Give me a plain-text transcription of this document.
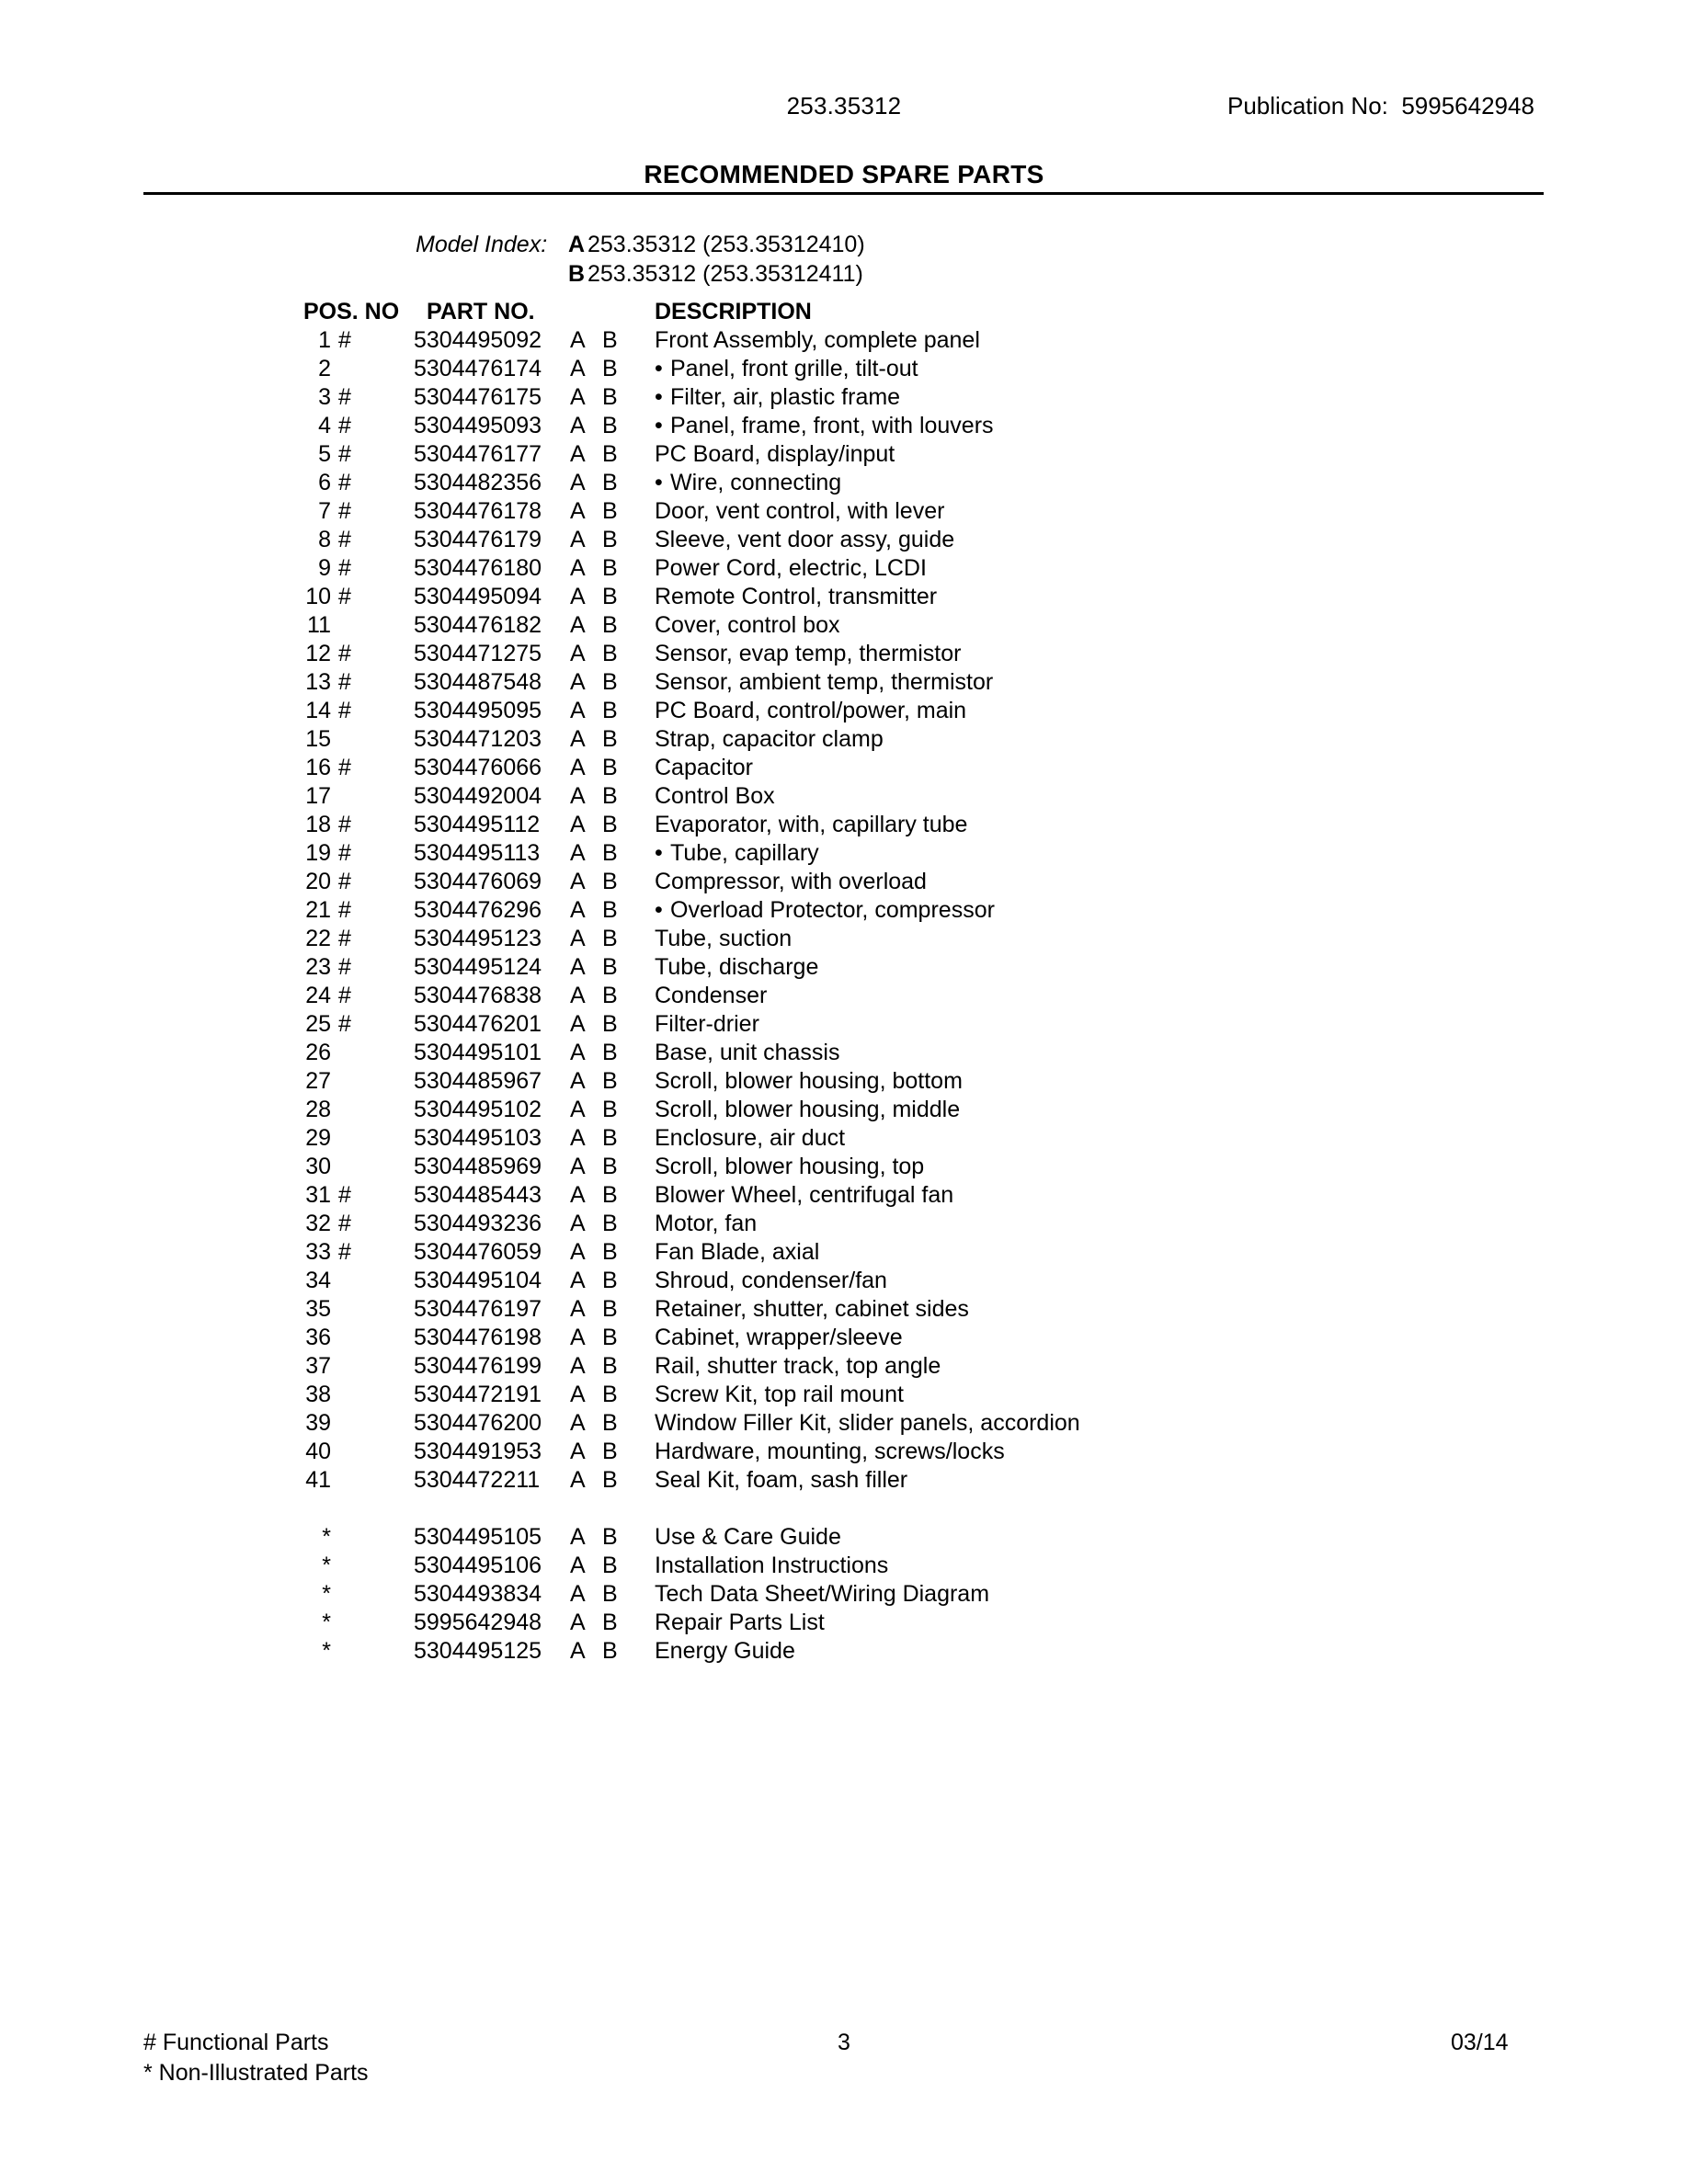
253.35312	Publication No:  5995642948
RECOMMENDED SPARE PARTS
Model Index: A 253.35312 (253.35312410)
B 253.35312 (253.35312411)
POS. NO PART NO.	DESCRIPTION
1 #	5304495092 A B Front Assembly, complete panel
2	5304476174 A B • Panel, front grille, tilt-out
3 #	5304476175 A B • Filter, air, plastic frame
4 #	5304495093 A B • Panel, frame, front, with louvers
5 #	5304476177 A B PC Board, display/input
6 #	5304482356 A B • Wire, connecting
7 #	5304476178 A B Door, vent control, with lever
8 #	5304476179 A B Sleeve, vent door assy, guide
9 #	5304476180 A B Power Cord, electric, LCDI
10 #	5304495094 A B Remote Control, transmitter
11	5304476182 A B Cover, control box
12 #	5304471275 A B Sensor, evap temp, thermistor
13 #	5304487548 A B Sensor, ambient temp, thermistor
14 #	5304495095 A B PC Board, control/power, main
15	5304471203 A B Strap, capacitor clamp
16 #	5304476066 A B Capacitor
17	5304492004 A B Control Box
18 #	5304495112 A B Evaporator, with, capillary tube
19 #	5304495113 A B • Tube, capillary
20 #	5304476069 A B Compressor, with overload
21 #	5304476296 A B • Overload Protector, compressor
22 #	5304495123 A B Tube, suction
23 #	5304495124 A B Tube, discharge
24 #	5304476838 A B Condenser
25 #	5304476201 A B Filter-drier
26	5304495101 A B Base, unit chassis
27	5304485967 A B Scroll, blower housing, bottom
28	5304495102 A B Scroll, blower housing, middle
29	5304495103 A B Enclosure, air duct
30	5304485969 A B Scroll, blower housing, top
31 #	5304485443 A B Blower Wheel, centrifugal fan
32 #	5304493236 A B Motor, fan
33 #	5304476059 A B Fan Blade, axial
34	5304495104 A B Shroud, condenser/fan
35	5304476197 A B Retainer, shutter, cabinet sides
36	5304476198 A B Cabinet, wrapper/sleeve
37	5304476199 A B Rail, shutter track, top angle
38	5304472191 A B Screw Kit, top rail mount
39	5304476200 A B Window Filler Kit, slider panels, accordion
40	5304491953 A B Hardware, mounting, screws/locks
41	5304472211 A B Seal Kit, foam, sash filler
*	5304495105 A B Use & Care Guide
*	5304495106 A B Installation Instructions
*	5304493834 A B Tech Data Sheet/Wiring Diagram
*	5995642948 A B Repair Parts List
*	5304495125 A B Energy Guide
# Functional Parts	3	03/14
* Non-Illustrated Parts
